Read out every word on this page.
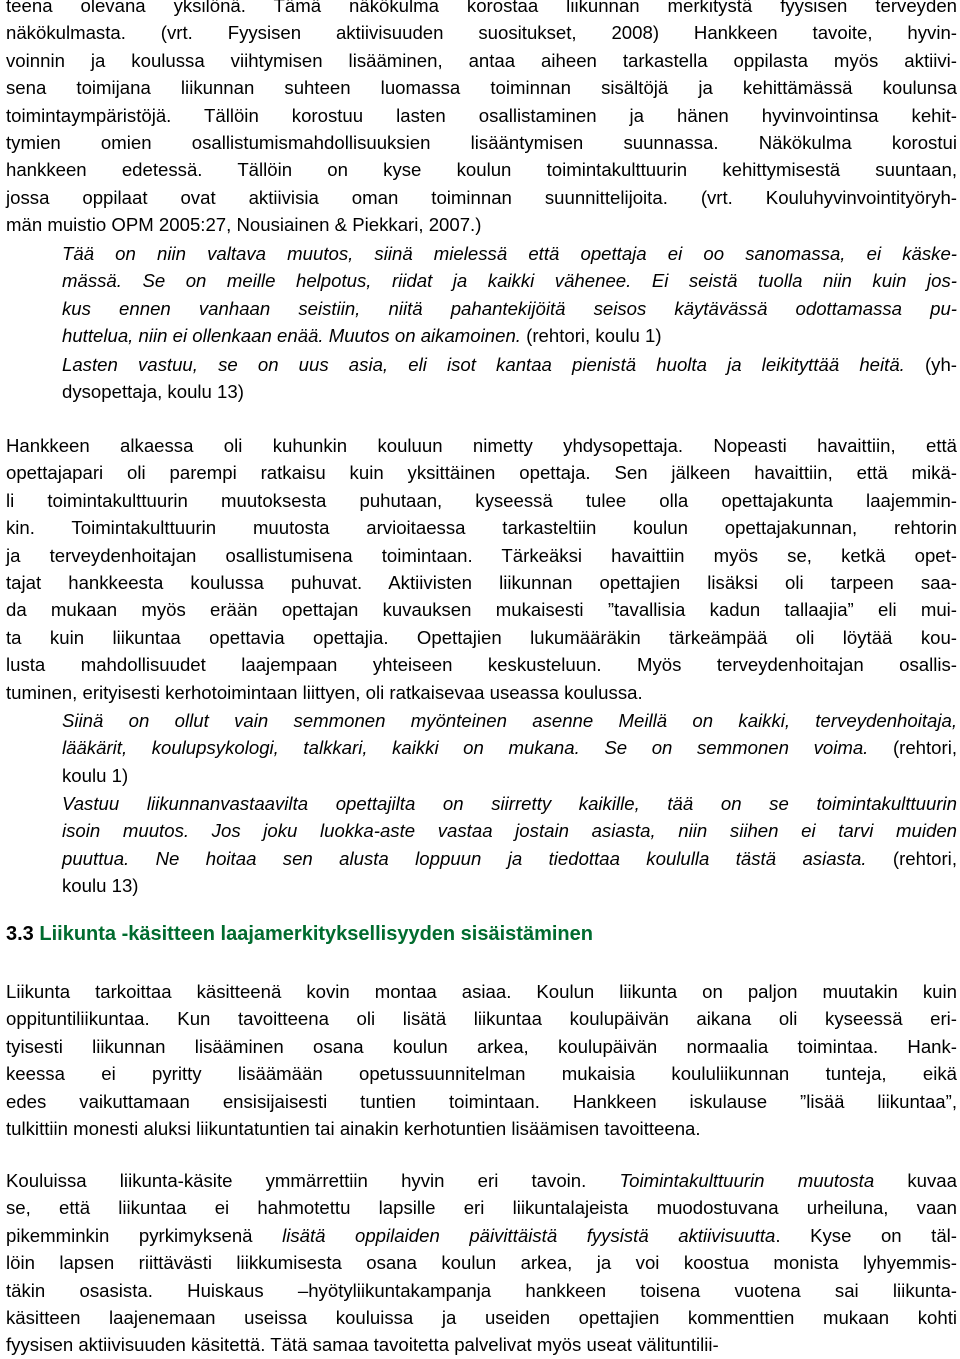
teena olevana yksilönä. Tämä näkökulma korostaa liikunnan merkitystä fyysisen terveyden
näkökulmasta. (vrt. Fyysisen aktiivisuuden suositukset, 2008) Hankkeen tavoite, hyvin-
voinnin ja koulussa viihtymisen lisääminen, antaa aiheen tarkastella oppilasta myös aktiivi-
sena toimijana liikunnan suhteen luomassa toiminnan sisältöjä ja kehittämässä koulunsa
toimintaympäristöjä. Tällöin korostuu lasten osallistaminen ja hänen hyvinvointinsa kehit-
tymien omien osallistumismahdollisuuksien lisääntymisen suunnassa. Näkökulma korostui
hankkeen edetessä. Tällöin on kyse koulun toimintakulttuurin kehittymisestä suuntaan,
jossa oppilaat ovat aktiivisia oman toiminnan suunnittelijoita. (vrt. Kouluhyvinvointityöryh-
män muistio OPM 2005:27, Nousiainen & Piekkari, 2007.)
Tää on niin valtava muutos, siinä mielessä että opettaja ei oo sanomassa, ei käske-
mässä. Se on meille helpotus, riidat ja kaikki vähenee. Ei seistä tuolla niin kuin jos-
kus ennen vanhaan seistiin, niitä pahantekijöitä seisos käytävässä odottamassa pu-
huttelua, niin ei ollenkaan enää. Muutos on aikamoinen. (rehtori, koulu 1)
Lasten vastuu, se on uus asia, eli isot kantaa pienistä huolta ja leikityttää heitä. (yh-
dysopettaja, koulu 13)
Hankkeen alkaessa oli kuhunkin kouluun nimetty yhdysopettaja. Nopeasti havaittiin, että
opettajapari oli parempi ratkaisu kuin yksittäinen opettaja. Sen jälkeen havaittiin, että mikä-
li toimintakulttuurin muutoksesta puhutaan, kyseessä tulee olla opettajakunta laajemmin-
kin. Toimintakulttuurin muutosta arvioitaessa tarkasteltiin koulun opettajakunnan, rehtorin
ja terveydenhoitajan osallistumisena toimintaan. Tärkeäksi havaittiin myös se, ketkä opet-
tajat hankkeesta koulussa puhuvat. Aktiivisten liikunnan opettajien lisäksi oli tarpeen saa-
da mukaan myös erään opettajan kuvauksen mukaisesti ”tavallisia kadun tallaajia” eli mui-
ta kuin liikuntaa opettavia opettajia. Opettajien lukumääräkin tärkeämpää oli löytää kou-
lusta mahdollisuudet laajempaan yhteiseen keskusteluun. Myös terveydenhoitajan osallis-
tuminen, erityisesti kerhotoimintaan liittyen, oli ratkaisevaa useassa koulussa.
Siinä on ollut vain semmonen myönteinen asenne Meillä on kaikki, terveydenhoitaja,
lääkärit, koulupsykologi, talkkari, kaikki on mukana. Se on semmonen voima. (rehtori,
koulu 1)
Vastuu liikunnanvastaavilta opettajilta on siirretty kaikille, tää on se toimintakulttuurin
isoin muutos. Jos joku luokka-aste vastaa jostain asiasta, niin siihen ei tarvi muiden
puuttua. Ne hoitaa sen alusta loppuun ja tiedottaa koululla tästä asiasta. (rehtori,
koulu 13)
3.3 Liikunta -käsitteen laajamerkityksellisyyden sisäistäminen
Liikunta tarkoittaa käsitteenä kovin montaa asiaa. Koulun liikunta on paljon muutakin kuin
oppituntiliikuntaa. Kun tavoitteena oli lisätä liikuntaa koulupäivän aikana oli kyseessä eri-
tyisesti liikunnan lisääminen osana koulun arkea, koulupäivän normaalia toimintaa. Hank-
keessa ei pyritty lisäämään opetussuunnitelman mukaisia koululiikunnan tunteja, eikä
edes vaikuttamaan ensisijaisesti tuntien toimintaan. Hankkeen iskulause ”lisää liikuntaa”,
tulkittiin monesti aluksi liikuntatuntien tai ainakin kerhotuntien lisäämisen tavoitteena.
Kouluissa liikunta-käsite ymmärrettiin hyvin eri tavoin. Toimintakulttuurin muutosta kuvaa
se, että liikuntaa ei hahmotettu lapsille eri liikuntalajeista muodostuvana urheiluna, vaan
pikemminkin pyrkimyksenä lisätä oppilaiden päivittäistä fyysistä aktiivisuutta. Kyse on täl-
löin lapsen riittävästi liikkumisesta osana koulun arkea, ja voi koostua monista lyhyemmis-
täkin osasista. Huiskaus –hyötyliikuntakampanja hankkeen toisena vuotena sai liikunta-
käsitteen laajenemaan useissa kouluissa ja useiden opettajien kommenttien mukaan kohti
fyysisen aktiivisuuden käsitettä. Tätä samaa tavoitetta palvelivat myös useat välituntilii-
